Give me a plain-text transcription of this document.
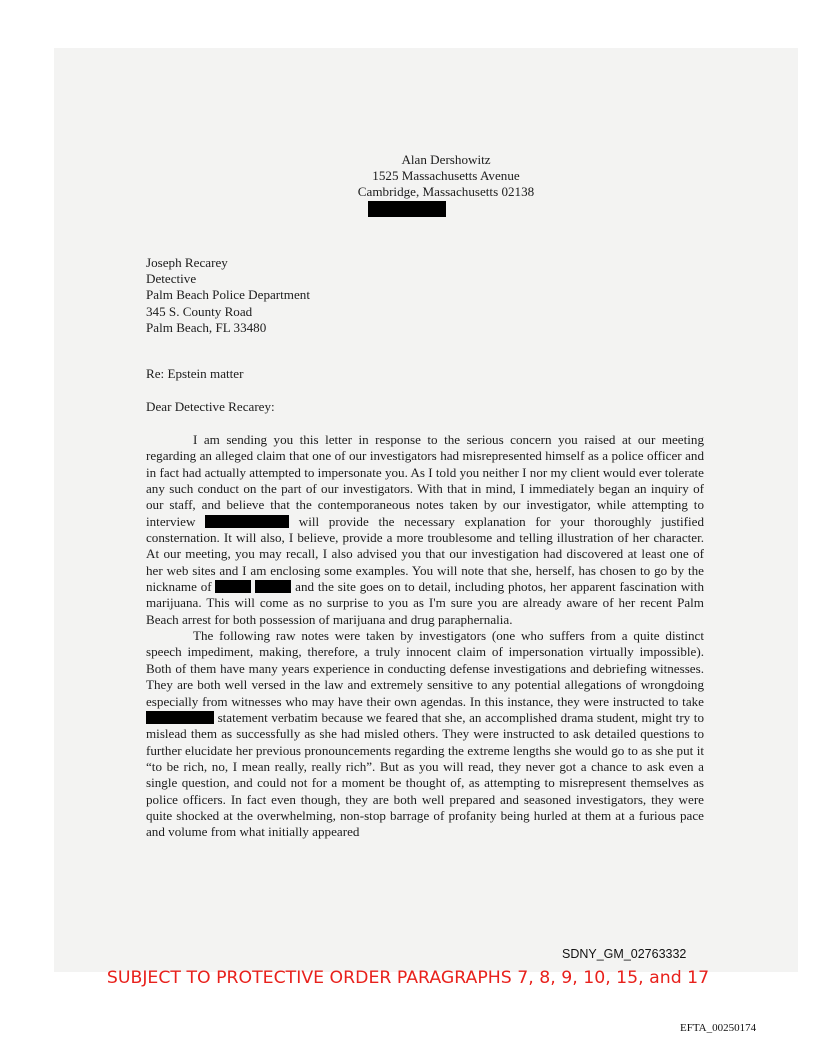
Alan Dershowitz
1525 Massachusetts Avenue
Cambridge, Massachusetts 02138
Joseph Recarey
Detective
Palm Beach Police Department
345 S. County Road
Palm Beach, FL 33480
Re: Epstein matter
Dear Detective Recarey:

I am sending you this letter in response to the serious concern you raised at our meeting regarding an alleged claim that one of our investigators had misrepresented himself as a police officer and in fact had actually attempted to impersonate you. As I told you neither I nor my client would ever tolerate any such conduct on the part of our investigators. With that in mind, I immediately began an inquiry of our staff, and believe that the contemporaneous notes taken by our investigator, while attempting to interview	will provide the necessary explanation for your thoroughly justified consternation. It will also, I believe, provide a more troublesome and telling illustration of her character. At our meeting, you may recall, I also advised you that our investigation had discovered at least one of her web sites and I am enclosing some examples. You will note that she, herself, has chosen to go by the nickname of	and the site goes on to detail, including photos, her apparent fascination with marijuana. This will come as no surprise to you as I'm sure you are already aware of her recent Palm Beach arrest for both possession of marijuana and drug paraphernalia.

The following raw notes were taken by investigators (one who suffers from a quite distinct speech impediment, making, therefore, a truly innocent claim of impersonation virtually impossible). Both of them have many years experience in conducting defense investigations and debriefing witnesses. They are both well versed in the law and extremely sensitive to any potential allegations of wrongdoing especially from witnesses who may have their own agendas. In this instance, they were instructed to take  statement verbatim because we feared that she, an accomplished drama student, might try to mislead them as successfully as she had misled others. They were instructed to ask detailed questions to further elucidate her previous pronouncements regarding the extreme lengths she would go to as she put it “to be rich, no, I mean really, really rich”. But as you will read, they never got a chance to ask even a single question, and could not for a moment be thought of, as attempting to misrepresent themselves as police officers. In fact even though, they are both well prepared and seasoned investigators, they were quite shocked at the overwhelming, non-stop barrage of profanity being hurled at them at a furious pace and volume from what initially appeared

SDNY_GM_02763332
SUBJECT TO PROTECTIVE ORDER PARAGRAPHS 7, 8, 9, 10, 15, and 17
EFTA_00250174
